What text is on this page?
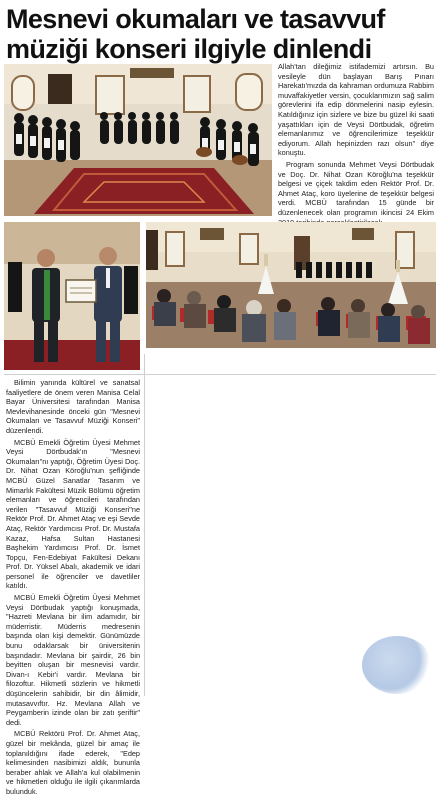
Mesnevi okumaları ve tasavvuf
müziği konseri ilgiyle dinlendi

Allah'tan dileğimiz istifademizi artırsın. Bu vesileyle dün başlayan Barış Pınarı Harekatı'mızda da kahraman ordumuza Rabbim muvaffakiyetler versin, çocuklarımızın sağ salim görevlerini ifa edip dönmelerini nasip eylesin. Katıldığınız için sizlere ve bize bu güzel iki saati yaşattıkları için de Veysi Dörtbudak, öğretim elemanlarımız ve öğrencilerimize teşekkür ediyorum. Allah hepinizden razı olsun" diye konuştu.

Program sonunda Mehmet Veysi Dörtbudak ve Doç. Dr. Nihat Ozan Köroğlu'na teşekkür belgesi ve çiçek takdim eden Rektör Prof. Dr. Ahmet Ataç, koro üyelerine de teşekkür belgesi verdi. MCBÜ tarafından 15 günde bir düzenlenecek olan programın ikincisi 24 Ekim

Bilimin yanında kültürel ve sanatsal faaliyetlere de önem veren Manisa Celal Bayar Üniversitesi tarafından Manisa Mevlevihanesinde önceki gün "Mesnevi Okumaları ve Tasavvuf Müziği Konseri" düzenlendi.

MCBÜ Emekli Öğretim Üyesi Mehmet Veysi Dörtbudak'ın "Mesnevi Okumaları"nı yaptığı, Öğretim Üyesi Doç. Dr. Nihat Ozan Köroğlu'nun şefliğinde MCBÜ Güzel Sanatlar Tasarım ve Mimarlık Fakültesi Müzik Bölümü öğretim elemanları ve öğrencileri tarafından verilen "Tasavvuf Müziği Konseri"ne Rektör Prof. Dr. Ahmet Ataç ve eşi Sevde Ataç, Rektör Yardımcısı Prof. Dr. Mustafa Kazaz, Hafsa Sultan Hastanesi Başhekim Yardımcısı Prof. Dr. İsmet Topçu, Fen-Edebiyat Fakültesi Dekanı Prof. Dr. Yüksel Abalı, akademik ve idari personel ile öğrenciler ve davetliler katıldı.

MCBÜ Emekli Öğretim Üyesi Mehmet Veysi Dörtbudak yaptığı konuşmada, "Hazreti Mevlana bir ilim adamıdır, bir müderristir. Müderris medresenin başında olan kişi demektir. Günümüzde bunu odaklarsak bir üniversitenin başındadır. Mevlana bir şairdir, 26 bin beyitten oluşan bir mesnevisi vardır. Divan-ı Kebir'i vardır. Mevlana bir filozoftur. Hikmetli sözlerin ve hikmetli düşüncelerin sahibidir, bir din âlimidir, mutasavvıftır. Hz. Mevlana Allah ve Peygamberin izinde olan bir zatı şeriftir" dedi.

MCBÜ Rektörü Prof. Dr. Ahmet Ataç, güzel bir mekânda, güzel bir amaç ile toplanıldığını ifade ederek, "Edep kelimesinden nasibimizi aldık, bununla beraber ahlak ve Allah'a kul olabilmenin ve hikmetleri olduğu ile ilgili çıkarımlarda bulunduk.
